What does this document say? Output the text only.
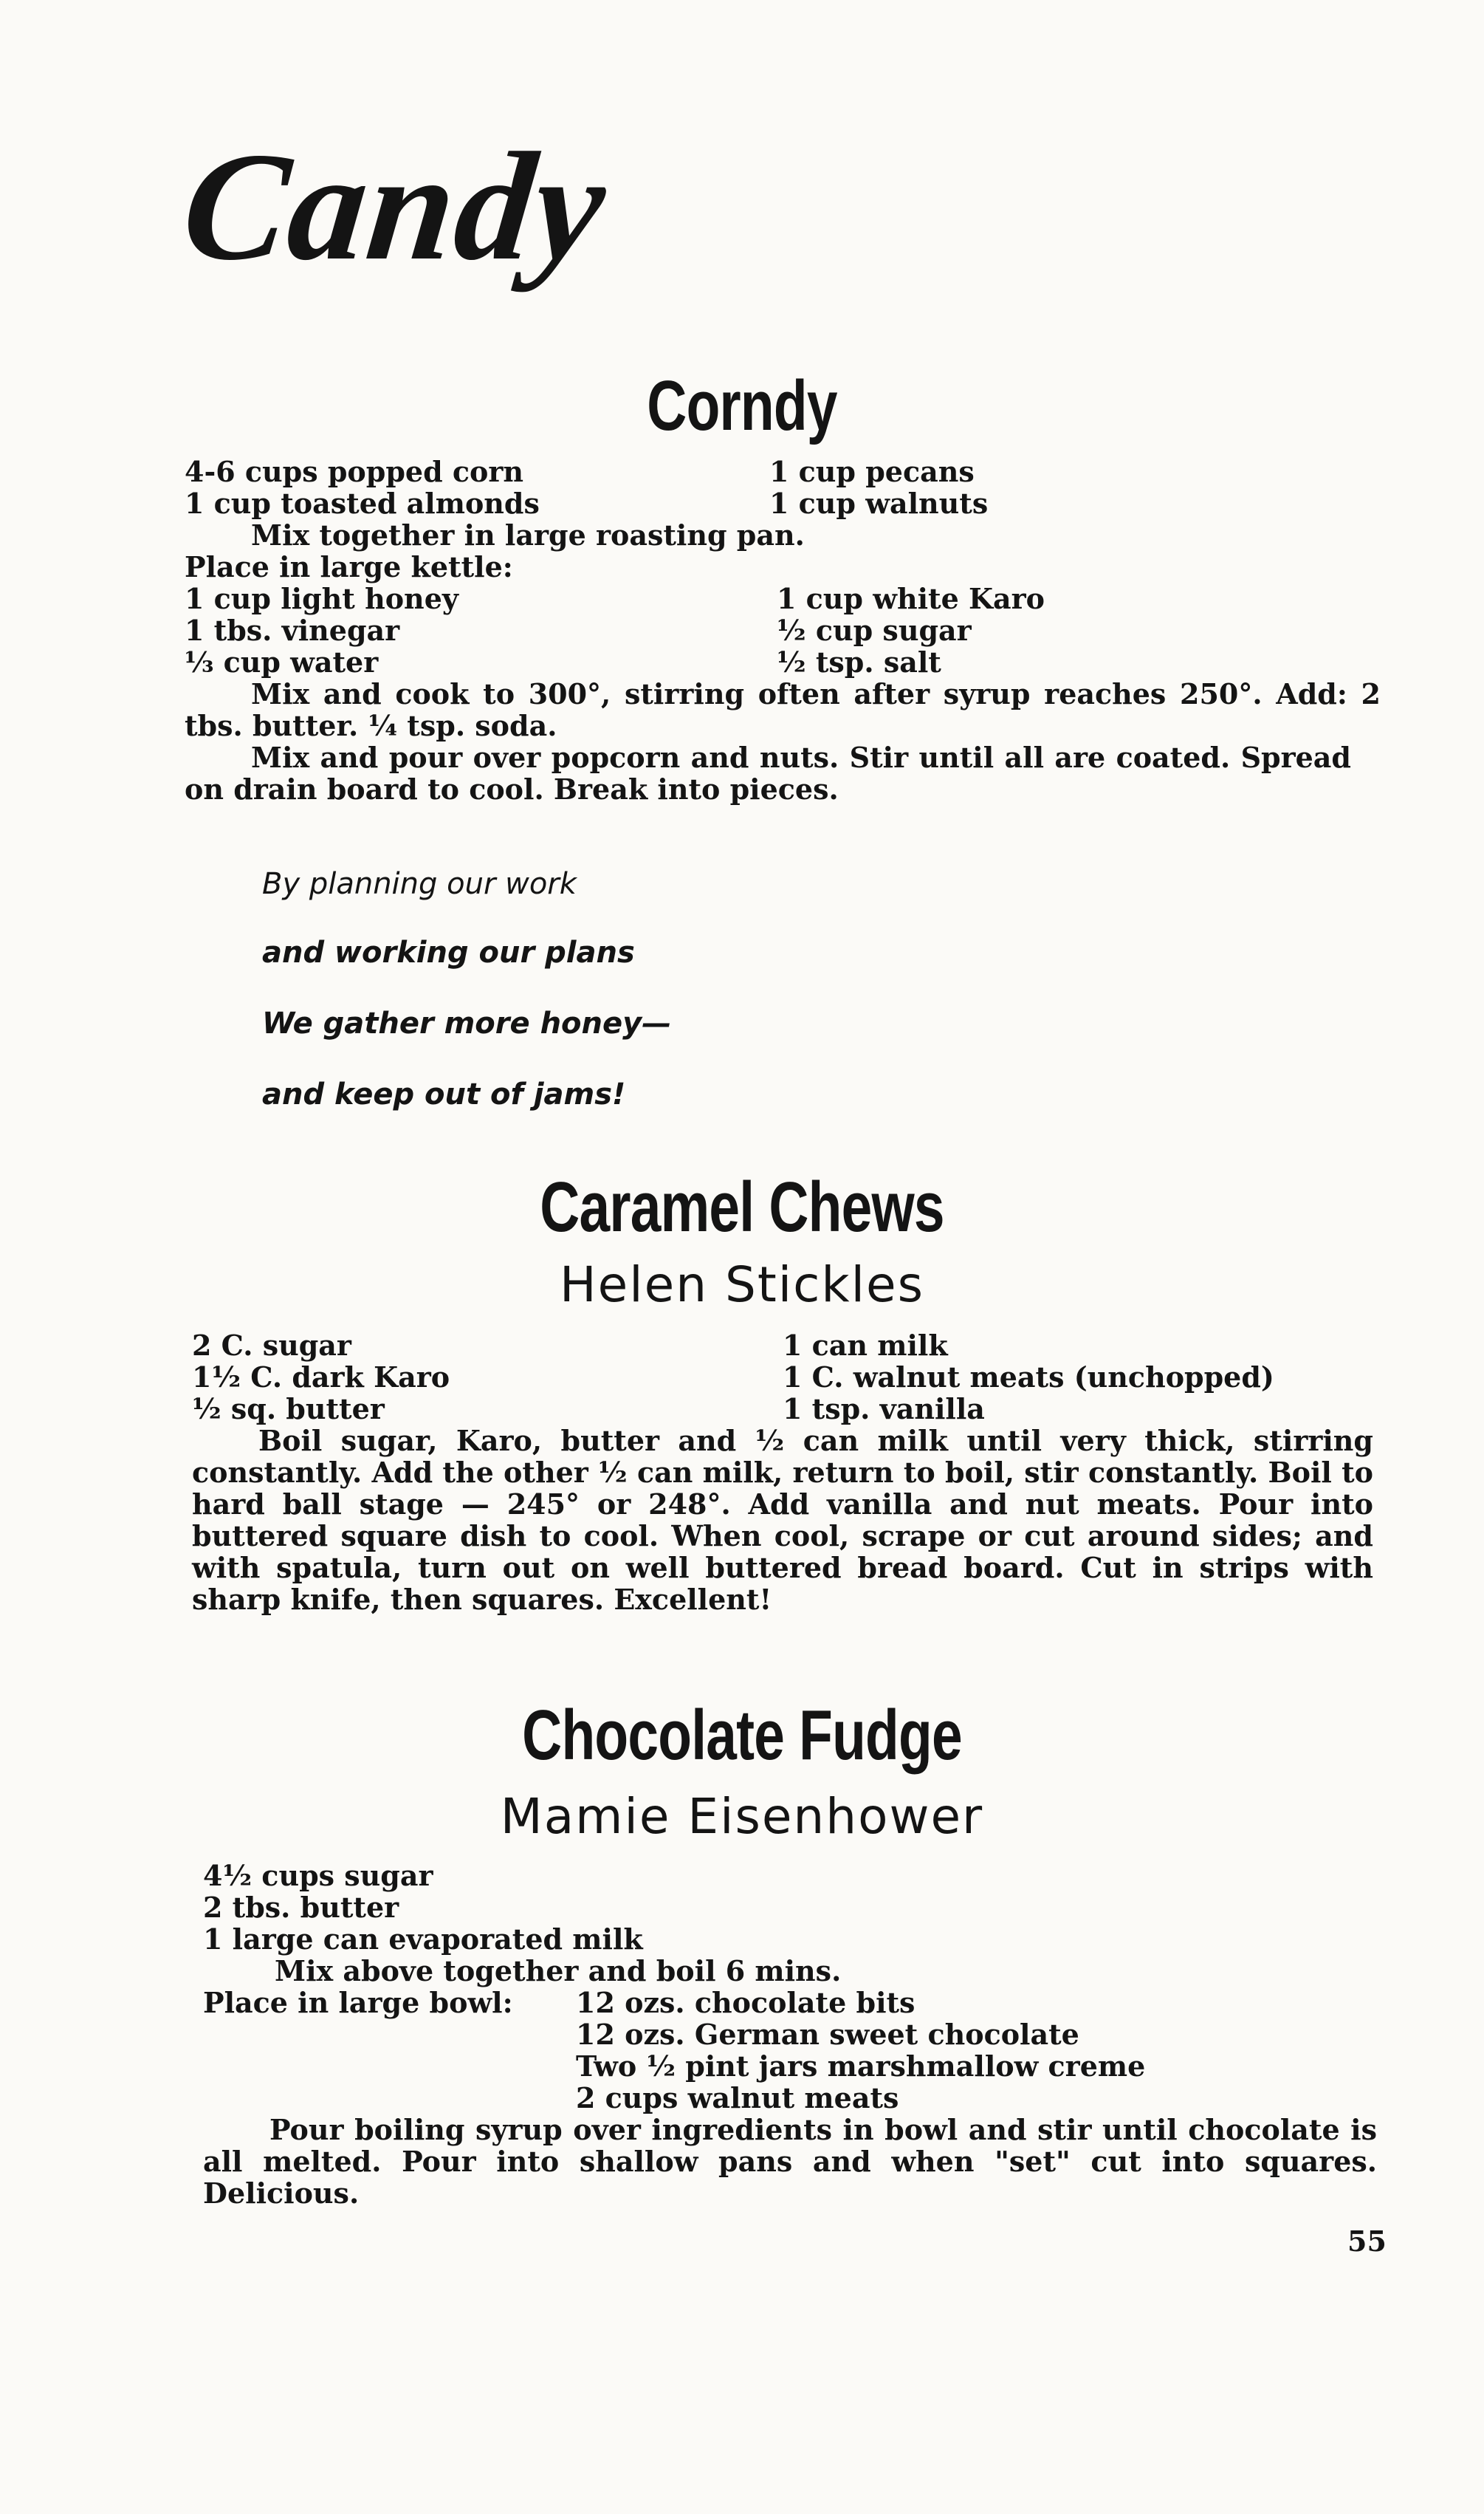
Candy
Corndy
4-6 cups popped corn	1 cup pecans
1 cup toasted almonds	1 cup walnuts
Mix together in large roasting pan.
Place in large kettle:
1 cup light honey	1 cup white Karo
1 tbs. vinegar	½ cup sugar
⅓ cup water	½ tsp. salt
Mix and cook to 300°, stirring often after syrup reaches 250°. Add: 2 tbs. butter. ¼ tsp. soda.
Mix and pour over popcorn and nuts. Stir until all are coated. Spread on drain board to cool. Break into pieces.
By planning our work
and working our plans
We gather more honey—
and keep out of jams!
Caramel Chews
Helen Stickles
2 C. sugar	1 can milk
1½ C. dark Karo	1 C. walnut meats (unchopped)
½ sq. butter	1 tsp. vanilla
Boil sugar, Karo, butter and ½ can milk until very thick, stirring constantly. Add the other ½ can milk, return to boil, stir constantly. Boil to hard ball stage — 245° or 248°. Add vanilla and nut meats. Pour into buttered square dish to cool. When cool, scrape or cut around sides; and with spatula, turn out on well buttered bread board. Cut in strips with sharp knife, then squares. Excellent!
Chocolate Fudge
Mamie Eisenhower
4½ cups sugar
2 tbs. butter
1 large can evaporated milk
Mix above together and boil 6 mins.
Place in large bowl: 12 ozs. chocolate bits
12 ozs. German sweet chocolate
Two ½ pint jars marshmallow creme
2 cups walnut meats
Pour boiling syrup over ingredients in bowl and stir until chocolate is all melted. Pour into shallow pans and when "set" cut into squares. Delicious.
55
